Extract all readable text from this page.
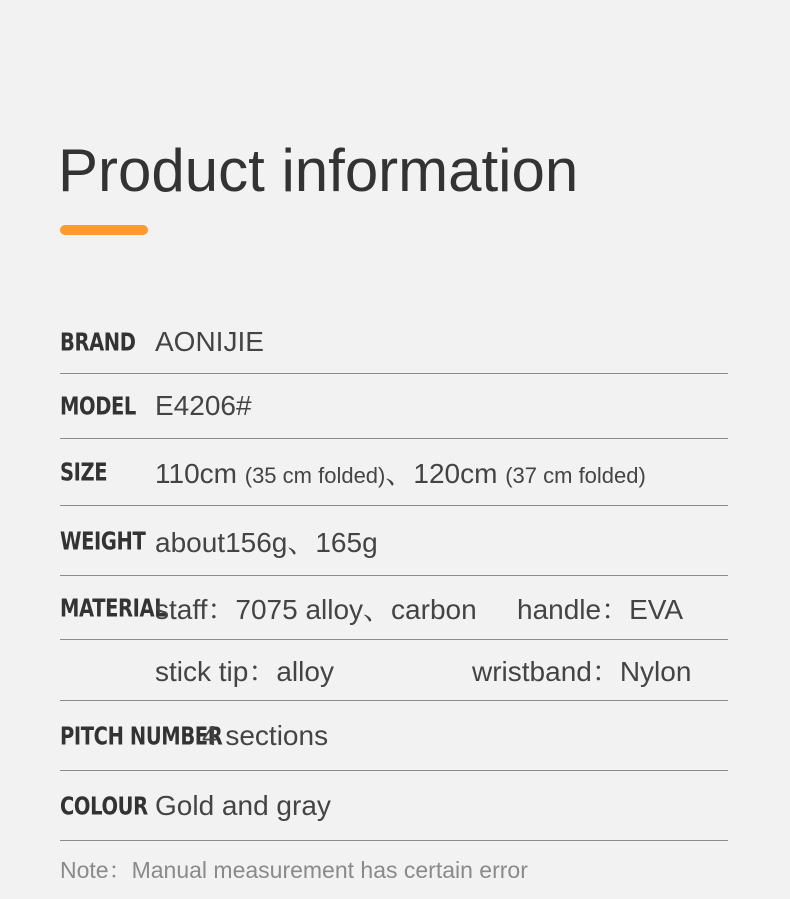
Product information
BRAND AONIJIE
MODEL E4206#
SIZE 110cm (35 cm folded)、120cm (37 cm folded)
WEIGHT about156g、165g
MATERIAL
staff：7075 alloy、carbon handle：EVA
stick tip：alloy	wristband：Nylon
PITCH NUMBER
4 sections
COLOUR Gold and gray
Note：Manual measurement has certain error
